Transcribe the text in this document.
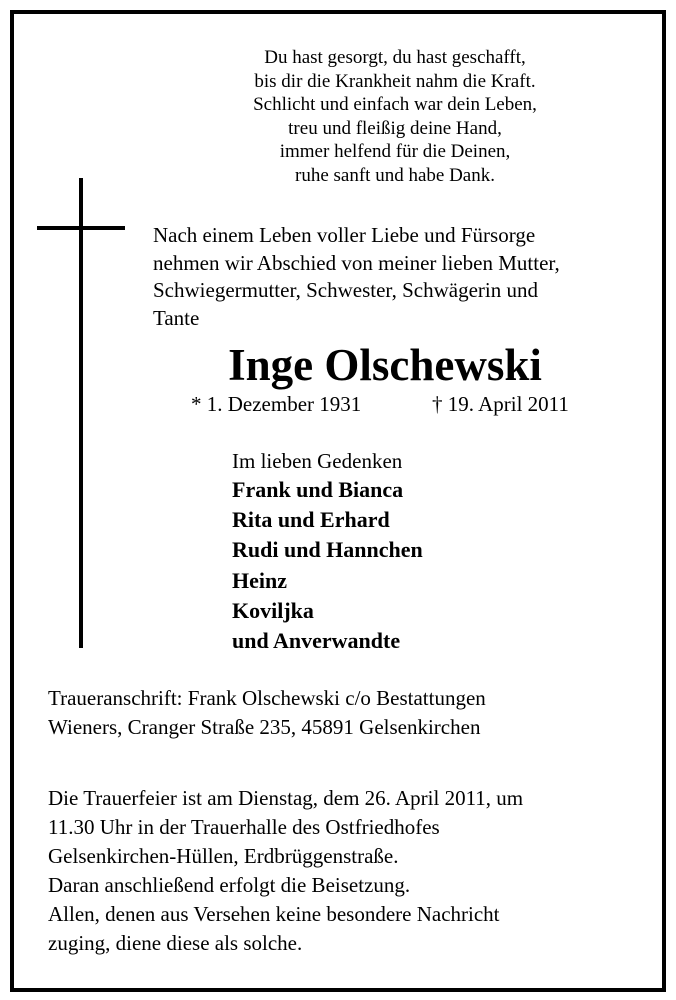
Du hast gesorgt, du hast geschafft,
bis dir die Krankheit nahm die Kraft.
Schlicht und einfach war dein Leben,
treu und fleißig deine Hand,
immer helfend für die Deinen,
ruhe sanft und habe Dank.
Nach einem Leben voller Liebe und Fürsorge
nehmen wir Abschied von meiner lieben Mutter,
Schwiegermutter, Schwester, Schwägerin und
Tante
Inge Olschewski
* 1. Dezember 1931	† 19. April 2011
Im lieben Gedenken
Frank und Bianca
Rita und Erhard
Rudi und Hannchen
Heinz
Koviljka
und Anverwandte
Traueranschrift: Frank Olschewski c/o Bestattungen
Wieners, Cranger Straße 235, 45891 Gelsenkirchen
Die Trauerfeier ist am Dienstag, dem 26. April 2011, um
11.30 Uhr in der Trauerhalle des Ostfriedhofes
Gelsenkirchen-Hüllen, Erdbrüggenstraße.
Daran anschließend erfolgt die Beisetzung.
Allen, denen aus Versehen keine besondere Nachricht
zuging, diene diese als solche.
